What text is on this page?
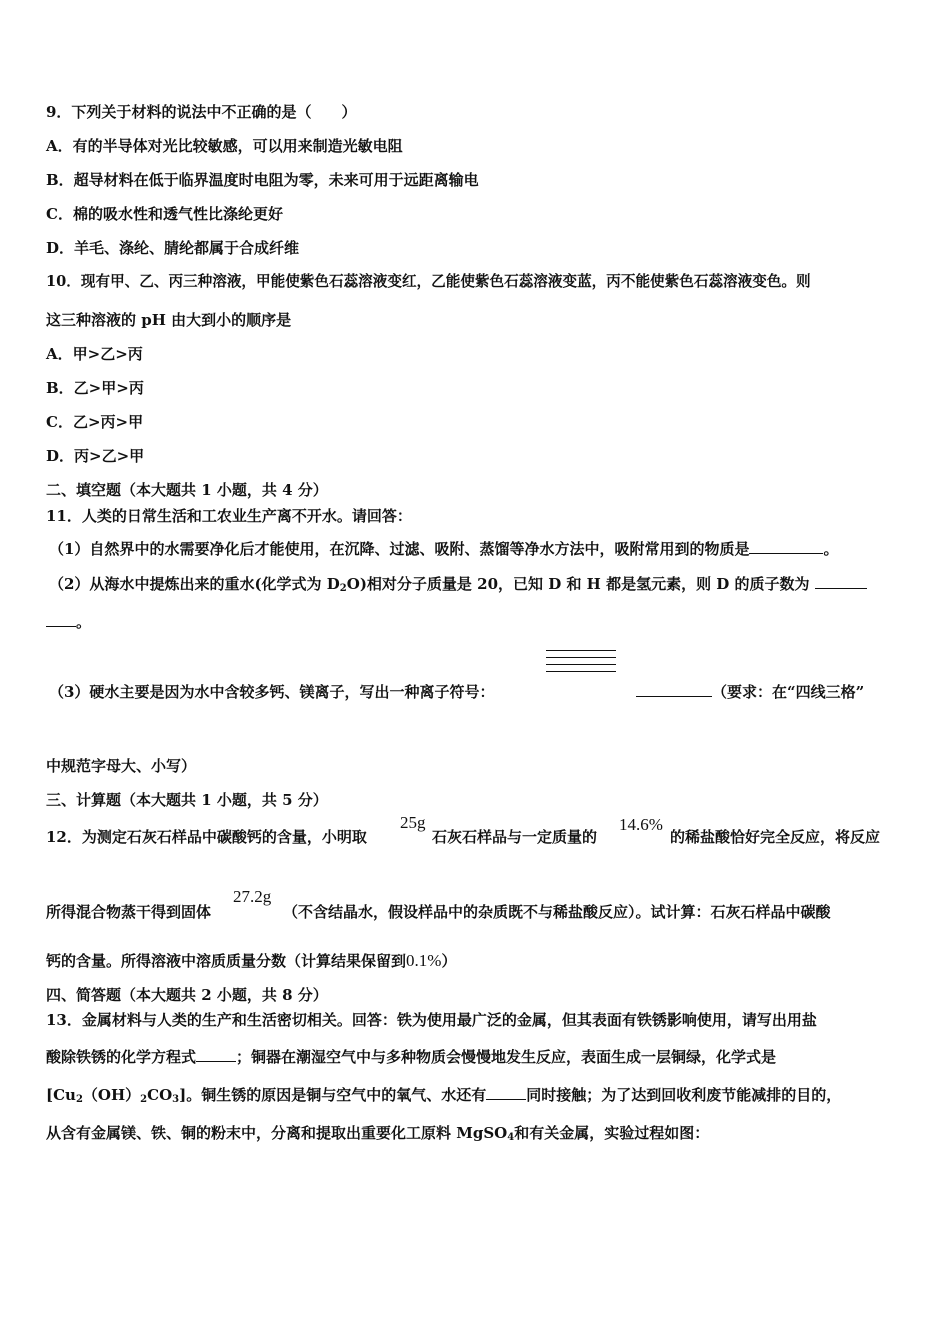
9．下列关于材料的说法中不正确的是（　　）
A．有的半导体对光比较敏感，可以用来制造光敏电阻
B．超导材料在低于临界温度时电阻为零，未来可用于远距离输电
C．棉的吸水性和透气性比涤纶更好
D．羊毛、涤纶、腈纶都属于合成纤维
10．现有甲、乙、丙三种溶液，甲能使紫色石蕊溶液变红，乙能使紫色石蕊溶液变蓝，丙不能使紫色石蕊溶液变色。则
这三种溶液的 pH 由大到小的顺序是
A．甲>乙>丙
B．乙>甲>丙
C．乙>丙>甲
D．丙>乙>甲
二、填空题（本大题共 1 小题，共 4 分）
11．人类的日常生活和工农业生产离不开水。请回答：
（1）自然界中的水需要净化后才能使用，在沉降、过滤、吸附、蒸馏等净水方法中，吸附常用到的物质是	。
（2）从海水中提炼出来的重水(化学式为 $D_2O$)相对分子质量是 20，已知 D 和 H 都是氢元素，则 D 的质子数为
。
（3）硬水主要是因为水中含较多钙、镁离子，写出一种离子符号：	（要求：在“四线三格”
中规范字母大、小写）
三、计算题（本大题共 1 小题，共 5 分）
12．为测定石灰石样品中碳酸钙的含量，小明取
25g
石灰石样品与一定质量的
14.6%
的稀盐酸恰好完全反应，将反应
所得混合物蒸干得到固体
27.2g
（不含结晶水，假设样品中的杂质既不与稀盐酸反应）。试计算：石灰石样品中碳酸
钙的含量。所得溶液中溶质质量分数（计算结果保留到0.1%）
四、简答题（本大题共 2 小题，共 8 分）
13．金属材料与人类的生产和生活密切相关。回答：铁为使用最广泛的金属，但其表面有铁锈影响使用，请写出用盐
酸除铁锈的化学方程式	；铜器在潮湿空气中与多种物质会慢慢地发生反应，表面生成一层铜绿，化学式是
$[Cu_2(OH)_2CO_3]$。铜生锈的原因是铜与空气中的氧气、水还有	同时接触；为了达到回收利废节能减排的目的，
从含有金属镁、铁、铜的粉末中，分离和提取出重要化工原料 MgSO$_4$和有关金属，实验过程如图：
